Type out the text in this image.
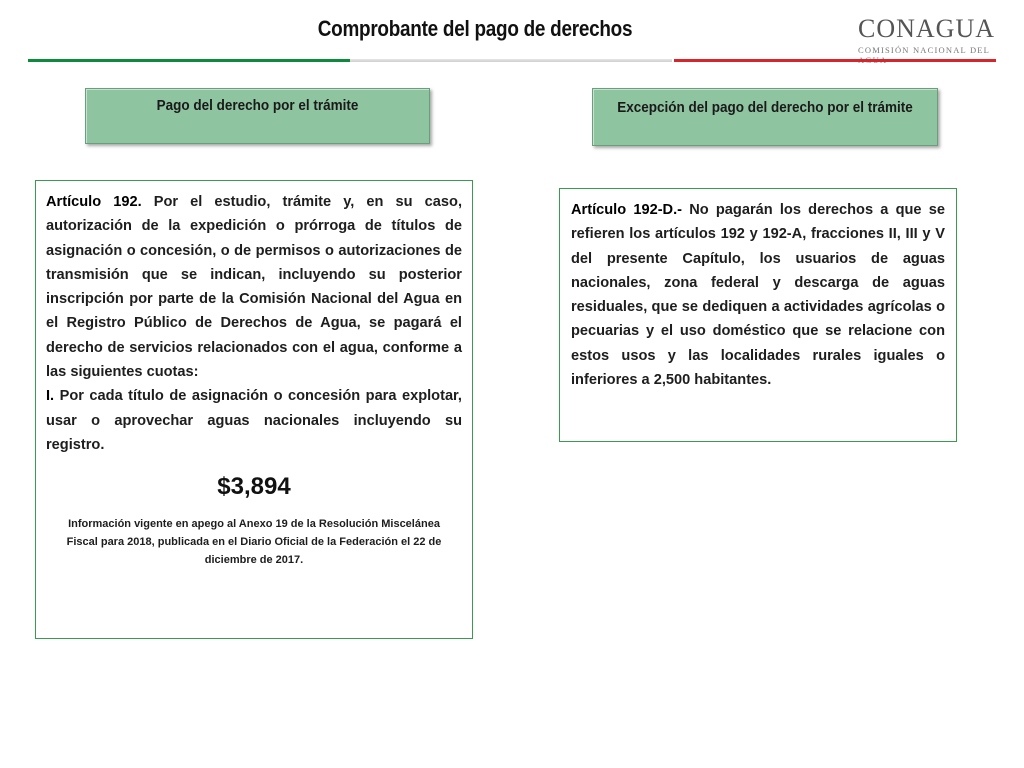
Comprobante del pago de derechos	CONAGUA
COMISIÓN NACIONAL DEL
Pago del derecho por el trámite	Excepción del pago del derecho por el trámite
Artículo 192. Por el estudio, trámite y, en su caso, autorización de la expedición o prórroga de títulos de asignación o concesión, o de permisos o autorizaciones de transmisión que se indican, incluyendo su posterior inscripción por parte de la Comisión Nacional del Agua en el Registro Público de Derechos de Agua, se pagará el derecho de servicios relacionados con el agua, conforme a las siguientes cuotas:
I. Por cada título de asignación o concesión para explotar, usar o aprovechar aguas nacionales incluyendo su registro.
$3,894
Información vigente en apego al Anexo 19 de la Resolución Miscelánea Fiscal para 2018, publicada en el Diario Oficial de la Federación el 22 de diciembre de 2017.
Artículo 192-D.- No pagarán los derechos a que se refieren los artículos 192 y 192-A, fracciones II, III y V del presente Capítulo, los usuarios de aguas nacionales, zona federal y descarga de aguas residuales, que se dediquen a actividades agrícolas o pecuarias y el uso doméstico que se relacione con estos usos y las localidades rurales iguales o inferiores a 2,500 habitantes.
